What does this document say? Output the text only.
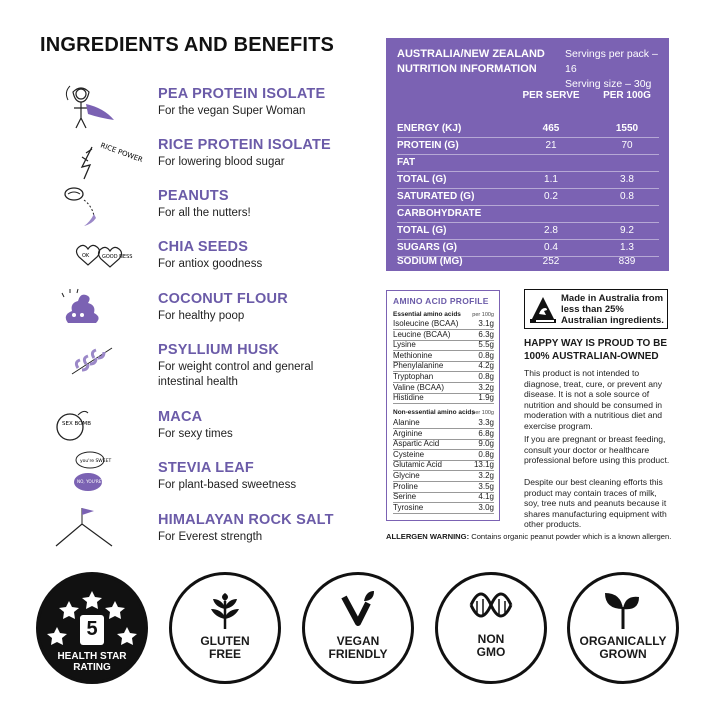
INGREDIENTS AND BENEFITS
PEA PROTEIN ISOLATE
For the vegan Super Woman
RICE POWER RICE PROTEIN ISOLATE
For lowering blood sugar
PEANUTS
For all the nutters!
OK	GOOD NESS
CHIA SEEDS
For antiox goodness
COCONUT FLOUR
For healthy poop
PSYLLIUM HUSK
For weight control and general intestinal health
SEX BOMB	MACA
For sexy times
you're SWEET
NO, YOU'RE SWEET
STEVIA LEAF
For plant-based sweetness
HIMALAYAN ROCK SALT
For Everest strength
AUSTRALIA/NEW ZEALAND NUTRITION INFORMATION
Servings per pack – 16
Serving size – 30g
PER SERVE	PER 100G
ENERGY (KJ)	465	1550
PROTEIN (G)	21	70
FAT
TOTAL (G)	1.1	3.8
SATURATED (G)	0.2	0.8
CARBOHYDRATE
TOTAL (G)	2.8	9.2
SUGARS (G)	0.4	1.3
SODIUM (MG)	252	839
AMINO ACID PROFILE
Essential amino acids per 100g
Non-essential amino acids
per 100g
Isoleucine (BCAA)	3.1g
Leucine (BCAA)	6.3g
Lysine	5.5g
Methionine	0.8g
Phenylalanine	4.2g
Tryptophan	0.8g
Valine (BCAA)	3.2g
Histidine	1.9g
Alanine	3.3g
Arginine	6.8g
Aspartic Acid	9.0g
Cysteine	0.8g
Glutamic Acid	13.1g
Glycine	3.2g
Proline	3.5g
Serine	4.1g
Tyrosine	3.0g
Made in Australia from less than 25% Australian ingredients.
HAPPY WAY IS PROUD TO BE 100% AUSTRALIAN-OWNED
This product is not intended to diagnose, treat, cure, or prevent any disease. It is not a sole source of nutrition and should be consumed in moderation with a nutritious diet and exercise program.
If you are pregnant or breast feeding, consult your doctor or healthcare professional before using this product.
Despite our best cleaning efforts this product may contain traces of milk, soy, tree nuts and peanuts because it shares manufacturing equipment with other products.
ALLERGEN WARNING: Contains organic peanut powder which is a known allergen.
5
HEALTH STAR RATING
GLUTEN FREE
VEGAN FRIENDLY
NON GMO
ORGANICALLY GROWN
